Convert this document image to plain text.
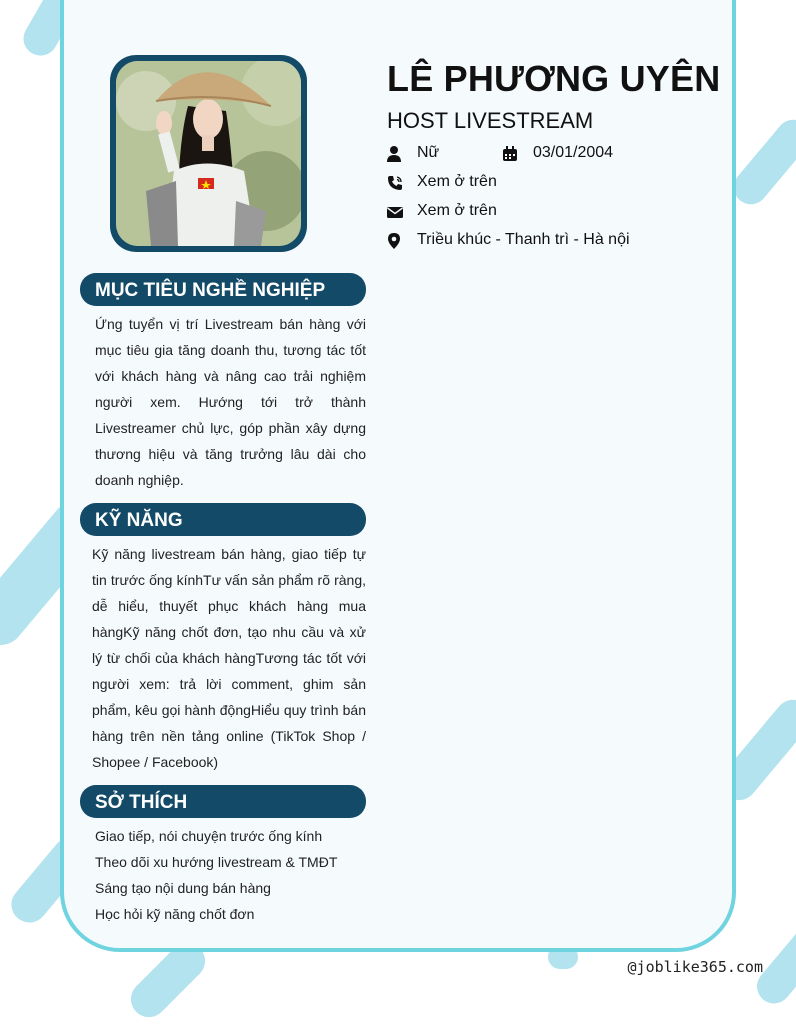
LÊ PHƯƠNG UYÊN
HOST LIVESTREAM
Nữ	03/01/2004
Xem ở trên
Xem ở trên
Triều khúc - Thanh trì - Hà nội
MỤC TIÊU NGHỀ NGHIỆP
Ứng tuyển vị trí Livestream bán hàng với mục tiêu gia tăng doanh thu, tương tác tốt với khách hàng và nâng cao trải nghiệm người xem. Hướng tới trở thành Livestreamer chủ lực, góp phần xây dựng thương hiệu và tăng trưởng lâu dài cho doanh nghiệp.
KỸ NĂNG
Kỹ năng livestream bán hàng, giao tiếp tự tin trước ống kínhTư vấn sản phẩm rõ ràng, dễ hiểu, thuyết phục khách hàng mua hàngKỹ năng chốt đơn, tạo nhu cầu và xử lý từ chối của khách hàngTương tác tốt với người xem: trả lời comment, ghim sản phẩm, kêu gọi hành độngHiểu quy trình bán hàng trên nền tảng online (TikTok Shop / Shopee / Facebook)
SỞ THÍCH
Giao tiếp, nói chuyện trước ống kính
Theo dõi xu hướng livestream & TMĐT
Sáng tạo nội dung bán hàng
Học hỏi kỹ năng chốt đơn
@joblike365.com
